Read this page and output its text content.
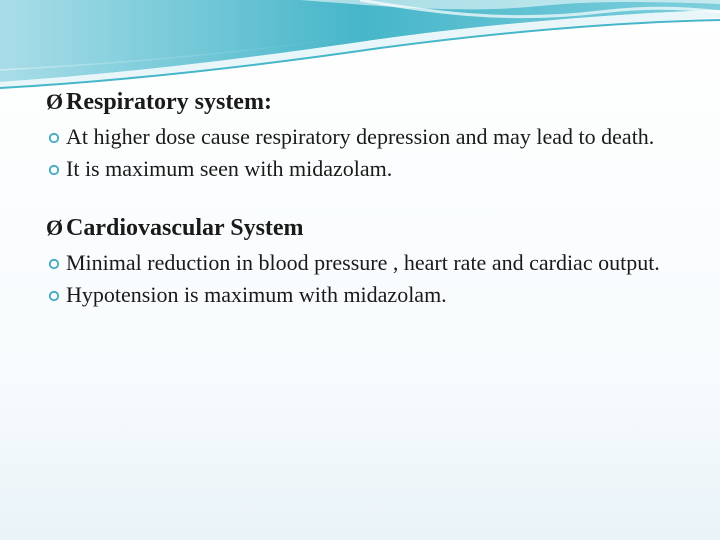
Ø Respiratory system:
At higher dose cause respiratory depression and may lead to death.
It is maximum seen with midazolam.
Ø Cardiovascular System
Minimal reduction in blood pressure , heart rate and cardiac output.
Hypotension is maximum with midazolam.
